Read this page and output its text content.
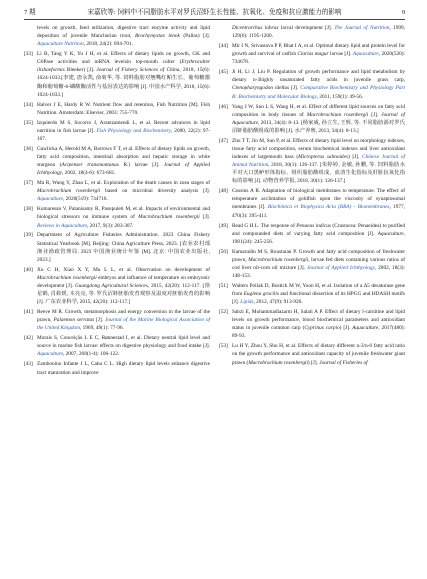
7 期	宋嘉欣等: 饲料中不同脂肪水平对罗氏沼虾生长性能、抗氧化、免疫和抗应激能力的影响	9
levels on growth, feed utilization, digestive tract enzyme activity and lipid deposition of juvenile Manchurian trout, Brachymystax lenok (Pallas) [J]. Aquaculture Nutrition, 2018, 24(2): 694-701.
[33] Li B, Tang Y K, Yu J H, et al. Effects of dietary lipids on growth, GK and G6Pase activities and mRNA levelsin top-mouth culter (Erythroculter ilishaeformis Bleeker) [J]. Journal of Fishery Sciences of China, 2018, 15(6): 1024-1033.[李建, 唐永凯, 俞菊华, 等. 饲料脂肪对翘嘴红鲌生长、葡萄糖激酶和葡萄糖-6-磷酸酶活性与基因表达的影响 [J]. 中国水产科学, 2018, 15(6): 1024-1033.]
[34] Halver J E, Hardy R W. Nutrient flow and retention, Fish Nutrition [M]. Fish Nutrition. Amsterdam: Elsevier, 2003: 755-770.
[35] Izquierdo M S, Socorro J, Arantzamendi L, et al. Recent advances in lipid nutrition in fish larvae [J]. Fish Physiology and Biochemistry, 2000, 22(2): 97-107.
[36] Gawlicka A, Herold M A, Barrows F T, et al. Effects of dietary lipids on growth, fatty acid composition, intestinal absorption and hepatic storage in white sturgeon (Acipenser transmontanus R.) larvae [J]. Journal of Applied Ichthyology, 2002, 18(4-6): 673-681.
[37] Ma R, Wang Y, Zhao L, et al. Exploration of the death causes in zoea stages of Macrobrachium rosenbergii based on microbial diversity analysis [J]. Aquaculture, 2020(519): 734710.
[38] Kumaresan V, Palanisamy R, Pasupuleti M, et al. Impacts of environmental and biological stressors on immune system of Macrobrachium rosenbergii [J]. Reviews in Aquaculture, 2017, 9(3): 283-307.
[39] Department of Agriculture Fisheries Administration. 2023 China Fishery Statistical Yearbook [M]. Beijing: China Agriculture Press, 2023. [农业农村部渔业渔政管理局. 2023 中国渔业统计年鉴 [M]. 北京: 中国农业出版社, 2023.]
[40] Xu C H, Xiao X Y, Mu L L, et al. Observation on development of Macrobrachium rosenbergii embryos and influence of temperature on embryonic development [J]. Guangdong Agricultural Sciences, 2015, 42(20): 112-117. [徐星鹤, 肖筱媛, 木亮亮, 等. 罗氏沼虾胚胎发育观察及温度对胚胎发育的影响 [J]. 广东农业科学, 2015, 42(20): 112-117.]
[41] Reeve M R. Growth, metamorphosis and energy conversion in the larvae of the prawn, Palaemon serratus [J]. Journal of the Marine Biological Association of the United Kingdom, 1969, 49(1): 77-96.
[42] Morais S, Conceição L E C, Rønnestad I, et al. Dietary neutral lipid level and source in marine fish larvae: effects on digestive physiology and food intake [J]. Aquaculture, 2007, 268(1-4): 106-122.
[43] Zambonino Infante J L, Cahu C L. High dietary lipid levels enhance digestive tract maturation and improve
Dicentrarchus labrax larval development [J]. The Journal of Nutrition, 1999, 129(6): 1195-1200.
[44] Mir I N, Srivastava P P, Bhat I A, et al. Optimal dietary lipid and protein level for growth and survival of catfish Clarias magur larvae [J]. Aquaculture, 2020(520): 734678.
[45] Ji H, Li J, Liu P. Regulation of growth performance and lipid metabolism by dietary n-3highly unsaturated fatty acids in juvenile grass carp, Ctenopharyngodon idellus [J]. Comparative Biochemistry and Physiology Part B: Biochemistry and Molecular Biology, 2011, 159(1): 49-56.
[46] Yang J W, Sun L S, Wang H, et al. Effect of different lipid sources on fatty acid composition in body tissues of Macrobrachium rosenbergii [J]. Journal of Aquaculture, 2013, 34(4): 8-13. [杨家威, 孙立生, 王辉, 等. 不同脂肪源对罗氏沼虾脂肪酸组成的影响 [J]. 水产养殖, 2013, 34(4): 8-13.]
[47] Zhu T T, Jin M, Sun P, et al. Effects of dietary lipid level on morphology indexes, tissue fatty acid composition, serum biochemical indexes and liver antioxidant indexes of largemouth bass (Micropterus salmoides) [J]. Chinese Journal of Animal Nutrition, 2018, 30(1): 126-137. [朱婷婷, 金敏, 孙鹏, 等. 饲料脂肪水平对大口黑鲈形体指标、组织脂肪酸组成、血清生化指标及肝脏抗氧化指标的影响 [J]. 动物营养学报, 2018, 30(1): 126-137.]
[48] Cossins A R. Adaptation of biological membranes to temperature. The effect of temperature acclimation of goldfish upon the viscosity of synaptosomal membranes [J]. Biochimica et Biophysica Acta (BBA) - Biomembranes, 1977, 470(3): 395-411.
[49] Read G H L. The response of Penaeus indicus (Crustacea: Penaeidea) to purified and compounded diets of varying fatty acid composition [J]. Aquaculture, 1981(24): 245-256.
[50] Kamarudin M S, Roustaian P. Growth and fatty acid composition of freshwater prawn, Macrobrachium rosenbergii, larvae fed diets containing various ratios of cod liver oil-corn oil mixture [J]. Journal of Applied Ichthyology, 2002, 18(3): 148-153.
[51] Walters Pollak D, Bostick M W, Yoon H, et al. Isolation of a Δ5 desaturase gene from Euglena gracilis and functional dissection of its HPGG and HDASH motifs [J]. Lipids, 2012, 47(9): 913-926.
[52] Sabzi E, Mohammadiazarm H, Salati A P. Effect of dietary l-carnitine and lipid levels on growth performance, blood biochemical parameters and antioxidant status in juvenile common carp (Cyprinus carpio) [J]. Aquaculture, 2017(480): 89-93.
[53] Lu H Y, Zhou Y, Shu H, et al. Effects of dietary different n-3/n-6 fatty acid ratio on the growth performance and antioxidant capacity of juvenile freshwater giant prawn (Macrobrachium rosenbergii) [J]. Journal of Fisheries of
